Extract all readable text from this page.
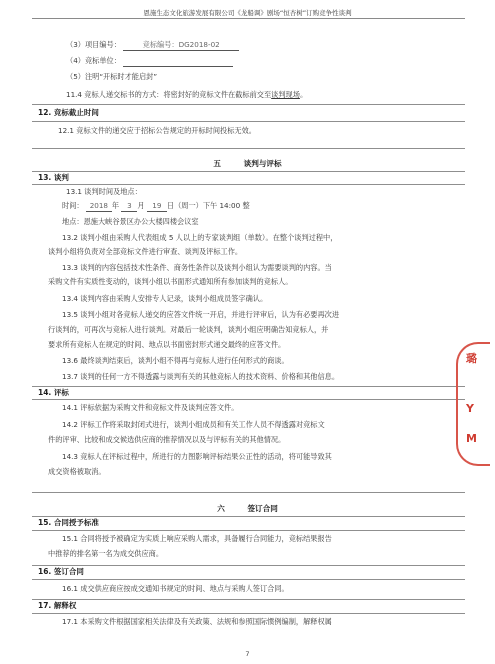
恩施生态文化旅游发展有限公司《龙船调》剧场“恒杏树”订购竞争性谈判
（3）项目编号：	竞标编号：DG2018-02
（4）竞标单位：
（5）注明“开标时才能启封”
11.4 竞标人递交标书的方式：将密封好的竞标文件在截标前交至谈判现场。
12. 竞标截止时间
12.1 竞标文件的递交应于招标公告规定的开标时间投标无效。
五	谈判与评标
13. 谈判
13.1 谈判时间及地点：
时间： 2018 年 3 月 19 日（周一）下午 14:00 整
地点：恩施大峡谷景区办公大楼四楼会议室
13.2 谈判小组由采购人代表组成 5 人以上的专家谈判组（单数）。在整个谈判过程中，
谈判小组将负责对全部竞标文件进行审查、谈判及评标工作。
13.3 谈判的内容包括技术性条件、商务性条件以及谈判小组认为需要谈判的内容。当
采购文件有实质性变动的，谈判小组以书面形式通知所有参加谈判的竞标人。
13.4 谈判内容由采购人安排专人记录，谈判小组成员签字确认。
13.5 谈判小组对各竞标人递交的应答文件统一开启，并进行评审后，认为有必要再次进
行谈判的，可再次与竞标人进行谈判。对最后一轮谈判，谈判小组应明确告知竞标人，并
要求所有竞标人在规定的时间、地点以书面密封形式递交最终的应答文件。
13.6 最终谈判结束后，谈判小组不得再与竞标人进行任何形式的商谈。
13.7 谈判的任何一方不得透露与谈判有关的其他竞标人的技术资料、价格和其他信息。
14. 评标
14.1 评标依据为采购文件和竞标文件及谈判应答文件。
14.2 评标工作将采取封闭式进行，谈判小组成员和有关工作人员不得透露对竞标文
件的评审、比较和成交候选供应商的推荐情况以及与评标有关的其他情况。
14.3 竞标人在评标过程中，所进行的力图影响评标结果公正性的活动，将可能导致其
成交资格被取消。
六	签订合同
15. 合同授予标准
15.1 合同将授予被确定为实质上响应采购人需求，具备履行合同能力，竞标结果报告
中推荐的排名第一名为成交供应商。
16. 签订合同
16.1 成交供应商应按成交通知书规定的时间、地点与采购人签订合同。
17. 解释权
17.1 本采购文件根据国家相关法律及有关政策、法规和参照国际惯例编制，解释权属
璐
Y
M
7
